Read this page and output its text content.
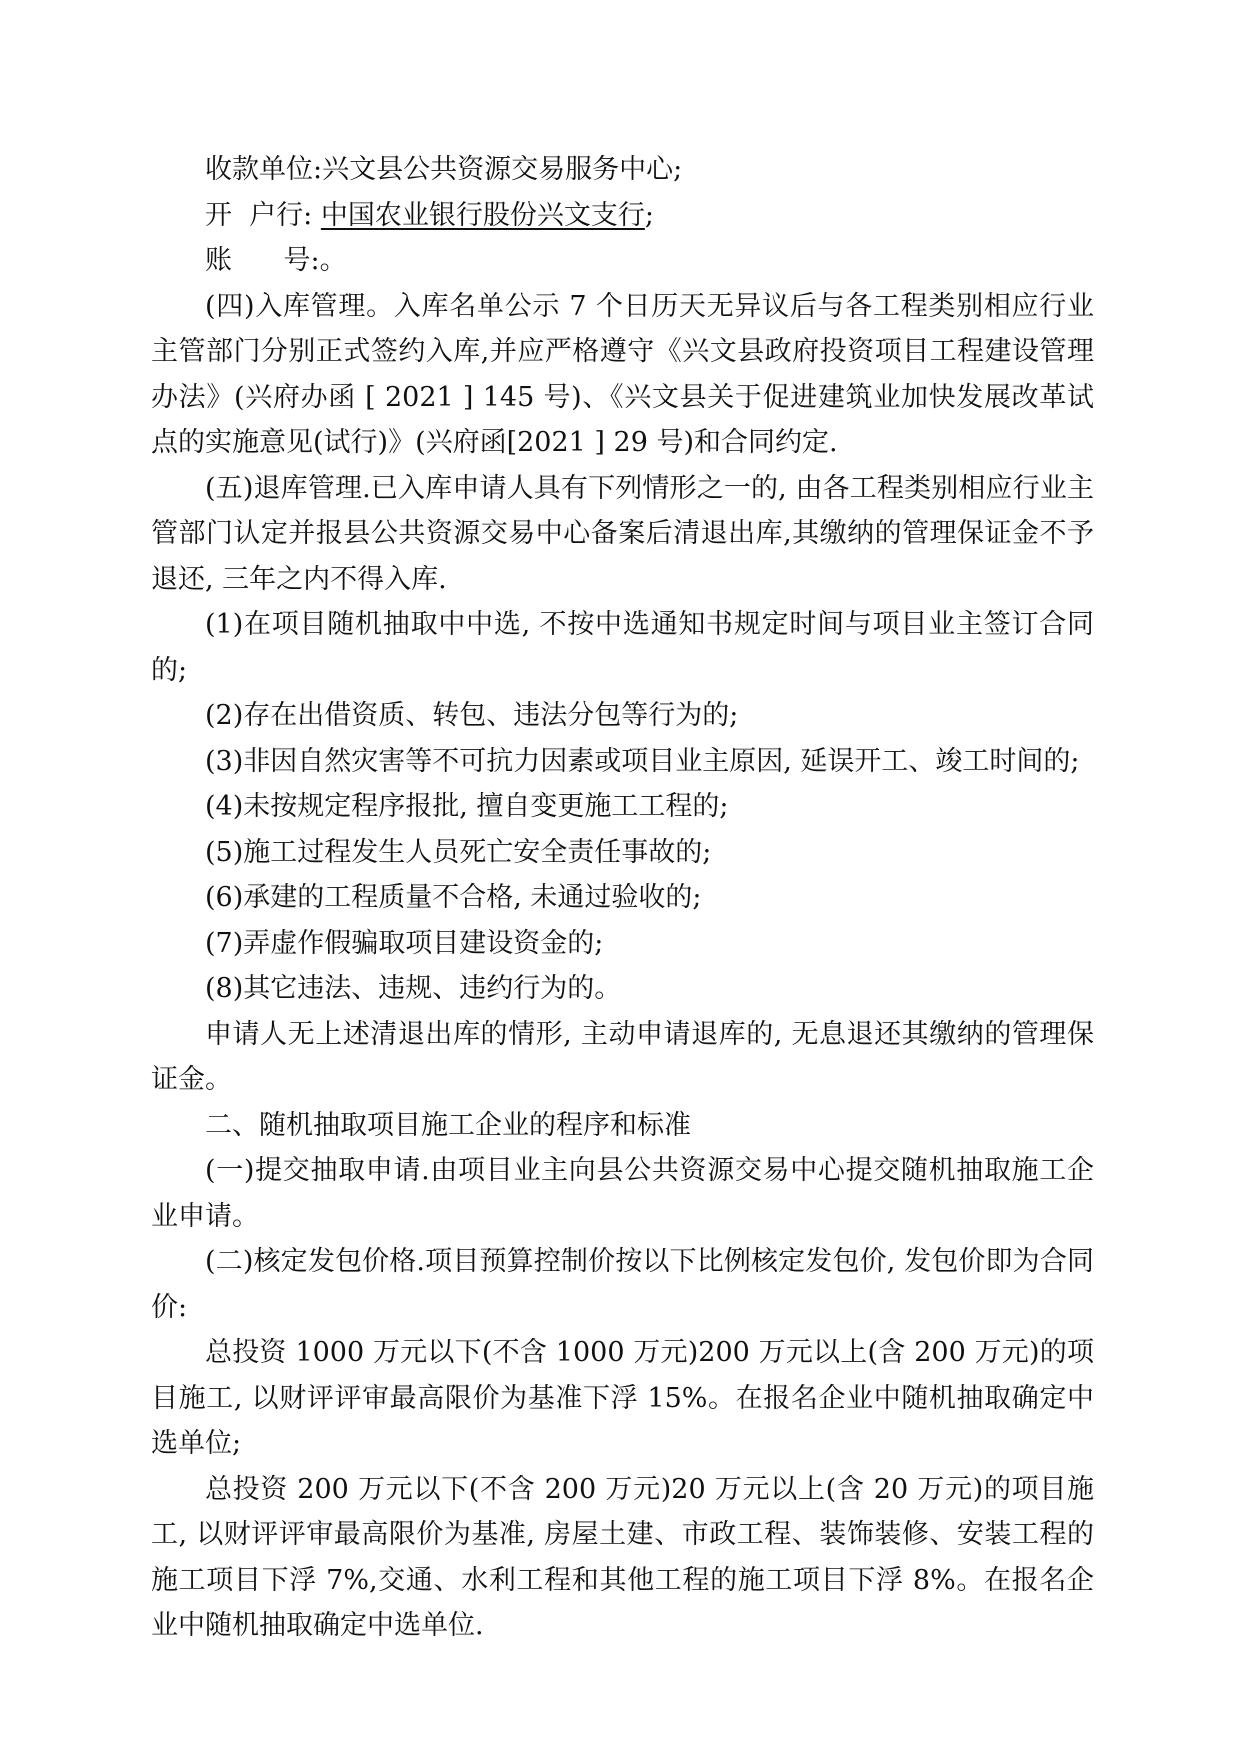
收款单位:兴文县公共资源交易服务中心;

开  户行: 中国农业银行股份兴文支行;

账      号:。

(四)入库管理。入库名单公示 7 个日历天无异议后与各工程类别相应行业主管部门分别正式签约入库,并应严格遵守《兴文县政府投资项目工程建设管理办法》(兴府办函 [ 2021 ] 145 号)、《兴文县关于促进建筑业加快发展改革试点的实施意见(试行)》(兴府函[2021 ] 29 号)和合同约定.

(五)退库管理.已入库申请人具有下列情形之一的, 由各工程类别相应行业主管部门认定并报县公共资源交易中心备案后清退出库,其缴纳的管理保证金不予退还, 三年之内不得入库.

(1)在项目随机抽取中中选, 不按中选通知书规定时间与项目业主签订合同的;

(2)存在出借资质、转包、违法分包等行为的;

(3)非因自然灾害等不可抗力因素或项目业主原因, 延误开工、竣工时间的;

(4)未按规定程序报批, 擅自变更施工工程的;

(5)施工过程发生人员死亡安全责任事故的;

(6)承建的工程质量不合格, 未通过验收的;

(7)弄虚作假骗取项目建设资金的;

(8)其它违法、违规、违约行为的。

申请人无上述清退出库的情形, 主动申请退库的, 无息退还其缴纳的管理保证金。

二、随机抽取项目施工企业的程序和标准

(一)提交抽取申请.由项目业主向县公共资源交易中心提交随机抽取施工企业申请。

(二)核定发包价格.项目预算控制价按以下比例核定发包价, 发包价即为合同价:

总投资 1000 万元以下(不含 1000 万元)200 万元以上(含 200 万元)的项目施工, 以财评评审最高限价为基准下浮 15%。在报名企业中随机抽取确定中选单位;

总投资 200 万元以下(不含 200 万元)20 万元以上(含 20 万元)的项目施工, 以财评评审最高限价为基准, 房屋土建、市政工程、装饰装修、安装工程的施工项目下浮 7%,交通、水利工程和其他工程的施工项目下浮 8%。在报名企业中随机抽取确定中选单位.
